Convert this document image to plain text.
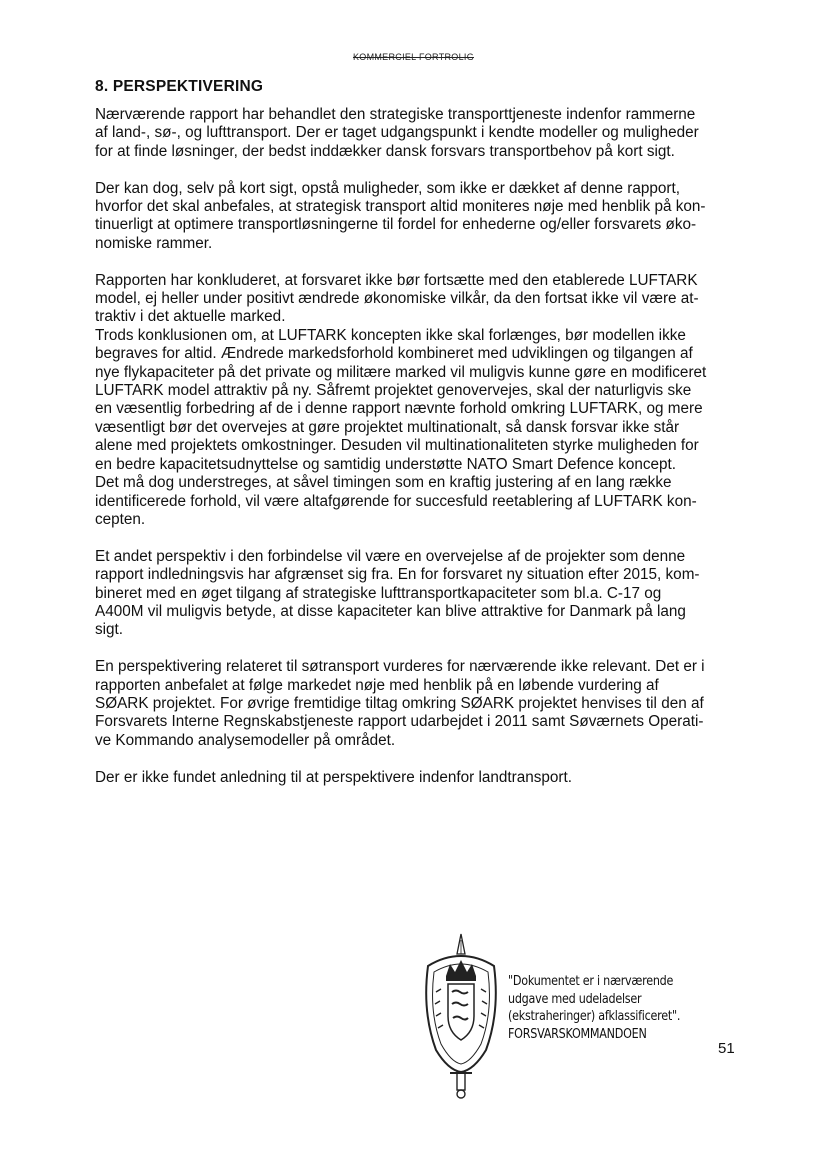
KOMMERCIEL FORTROLIG
8. PERSPEKTIVERING

Nærværende rapport har behandlet den strategiske transporttjeneste indenfor rammerne
af land-, sø-, og lufttransport. Der er taget udgangspunkt i kendte modeller og muligheder
for at finde løsninger, der bedst inddækker dansk forsvars transportbehov på kort sigt.

Der kan dog, selv på kort sigt, opstå muligheder, som ikke er dækket af denne rapport,
hvorfor det skal anbefales, at strategisk transport altid moniteres nøje med henblik på kon-
tinuerligt at optimere transportløsningerne til fordel for enhederne og/eller forsvarets øko-
nomiske rammer.

Rapporten har konkluderet, at forsvaret ikke bør fortsætte med den etablerede LUFTARK
model, ej heller under positivt ændrede økonomiske vilkår, da den fortsat ikke vil være at-
traktiv i det aktuelle marked.

Trods konklusionen om, at LUFTARK koncepten ikke skal forlænges, bør modellen ikke
begraves for altid. Ændrede markedsforhold kombineret med udviklingen og tilgangen af
nye flykapaciteter på det private og militære marked vil muligvis kunne gøre en modificeret
LUFTARK model attraktiv på ny. Såfremt projektet genovervejes, skal der naturligvis ske
en væsentlig forbedring af de i denne rapport nævnte forhold omkring LUFTARK, og mere
væsentligt bør det overvejes at gøre projektet multinationalt, så dansk forsvar ikke står
alene med projektets omkostninger. Desuden vil multinationaliteten styrke muligheden for
en bedre kapacitetsudnyttelse og samtidig understøtte NATO Smart Defence koncept.

Det må dog understreges, at såvel timingen som en kraftig justering af en lang række
identificerede forhold, vil være altafgørende for succesfuld reetablering af LUFTARK kon-
cepten.

Et andet perspektiv i den forbindelse vil være en overvejelse af de projekter som denne
rapport indledningsvis har afgrænset sig fra. En for forsvaret ny situation efter 2015, kom-
bineret med en øget tilgang af strategiske lufttransportkapaciteter som bl.a. C-17 og
A400M vil muligvis betyde, at disse kapaciteter kan blive attraktive for Danmark på lang
sigt.

En perspektivering relateret til søtransport vurderes for nærværende ikke relevant. Det er i
rapporten anbefalet at følge markedet nøje med henblik på en løbende vurdering af
SØARK projektet. For øvrige fremtidige tiltag omkring SØARK projektet henvises til den af
Forsvarets Interne Regnskabstjeneste rapport udarbejdet i 2011 samt Søværnets Operati-
ve Kommando analysemodeller på området.

Der er ikke fundet anledning til at perspektivere indenfor landtransport.

"Dokumentet er i nærværende
udgave med udeladelser
(ekstraheringer) afklassificeret".
FORSVARSKOMMANDOEN
51
